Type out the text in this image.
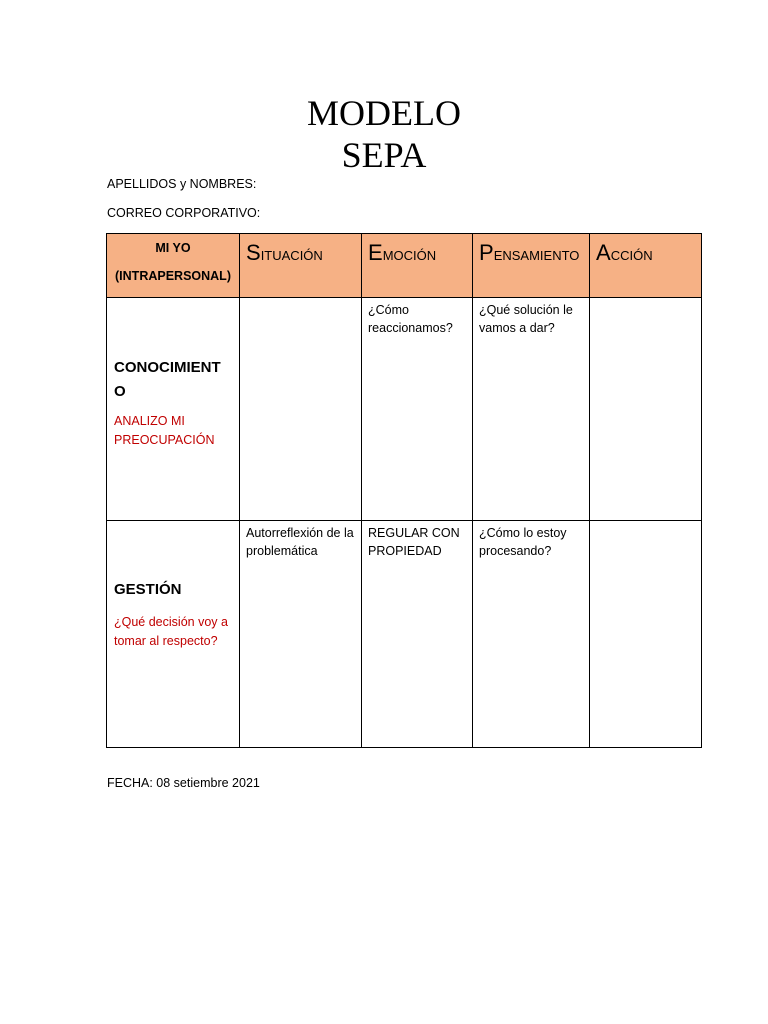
MODELO
SEPA
APELLIDOS y NOMBRES:
CORREO CORPORATIVO:
MI YO
(INTRAPERSONAL)	SITUACIÓN	EMOCIÓN	PENSAMIENTO	ACCIÓN

CONOCIMIENT
O
ANALIZO MI
PREOCUPACIÓN		¿Cómo reaccionamos?	¿Qué solución le vamos a dar?	

GESTIÓN
¿Qué decisión voy a
tomar al respecto?	Autorreflexión de la problemática	REGULAR CON PROPIEDAD	¿Cómo lo estoy procesando?	

FECHA: 08 setiembre 2021
